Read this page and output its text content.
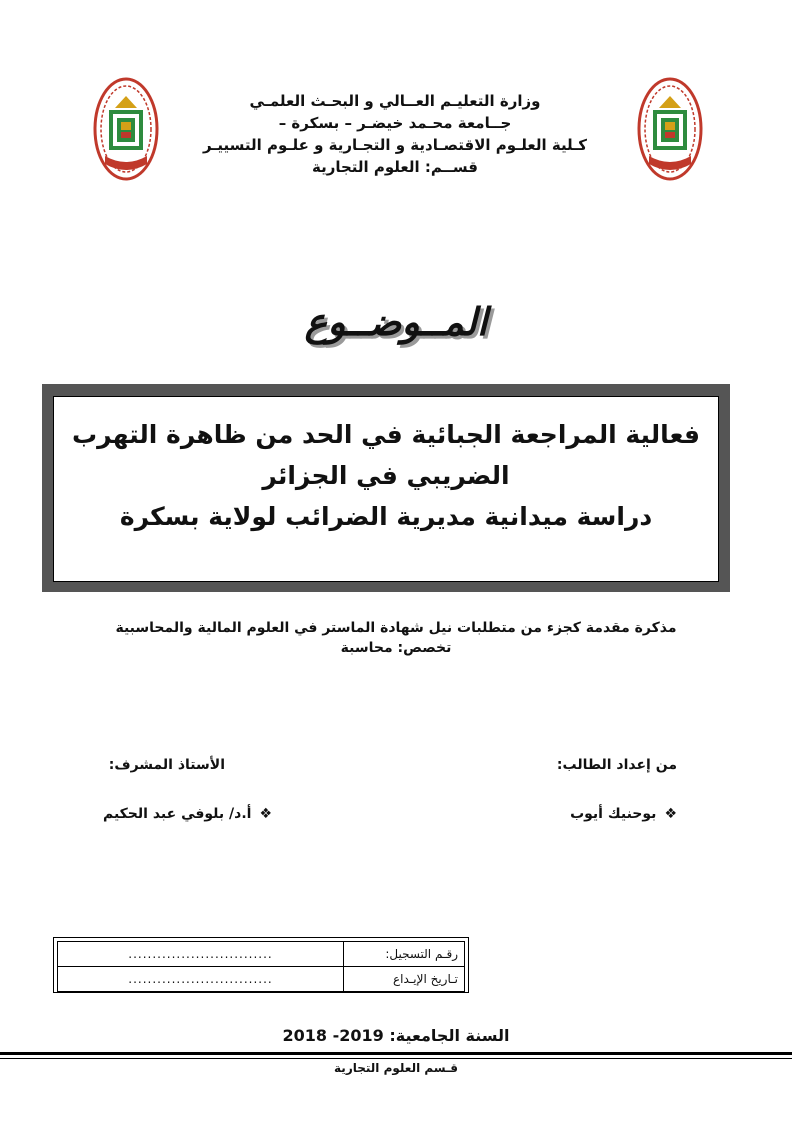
وزارة التعليـم العــالي و البحـث العلمـي
جــامعة محـمد خيضـر – بسكرة –
كـلية العلـوم الاقتصـادية و التجـارية و علـوم التسييـر
قســم: العلوم التجارية
المــوضــوع
فعالية المراجعة الجبائية في الحد من ظاهرة التهرب
الضريبي في الجزائر
دراسة ميدانية مديرية الضرائب لولاية بسكرة
مذكرة مقدمة كجزء من متطلبات نيل شهادة الماستر في العلوم المالية والمحاسبية
تخصص: محاسبة
من إعداد الطالب:
الأستاذ المشرف:
❖بوحنيك أيوب
❖أ.د/ بلوفي عبد الحكيم
رقـم التسجيل:	..............................
تـاريخ الإيـداع	..............................
السنة الجامعية: 2019- 2018
قـسم العلوم التجارية
